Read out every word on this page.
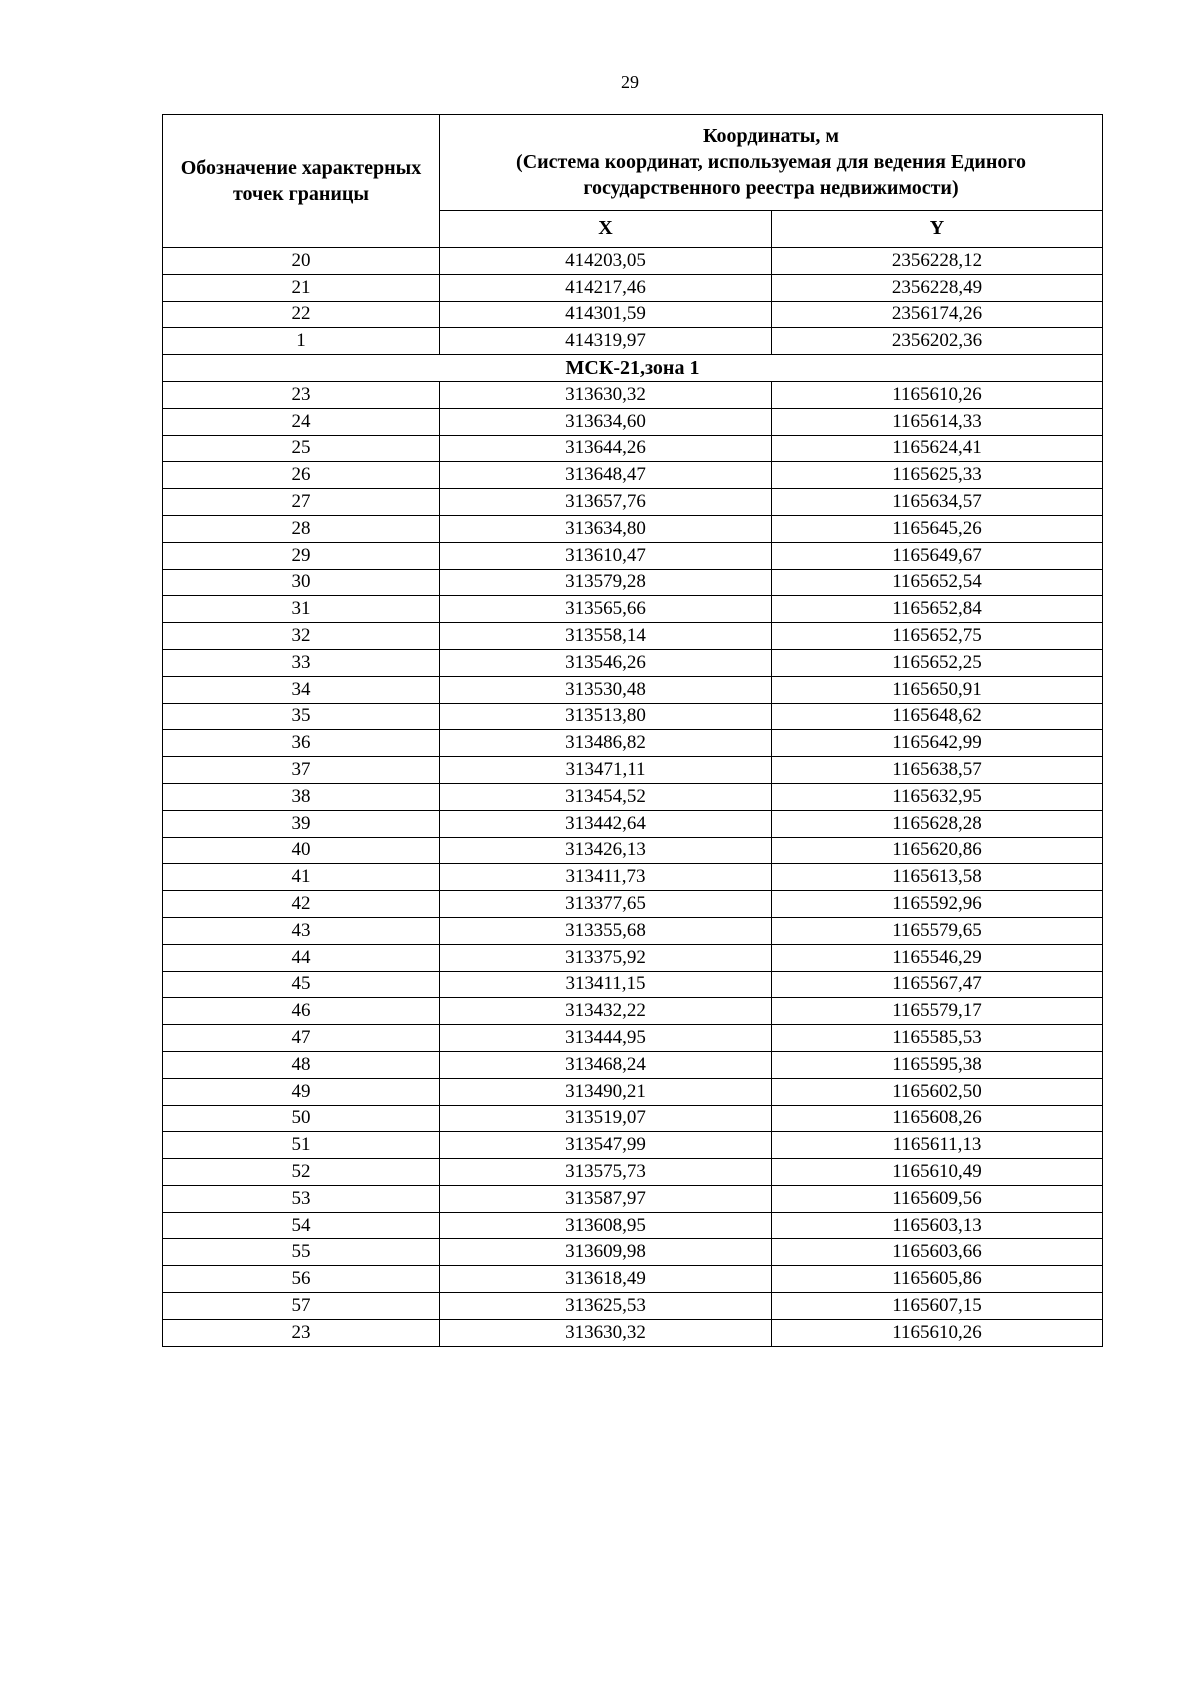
29
Обозначение характерных точек границы	Координаты, м
(Система координат, используемая для ведения Единого государственного реестра недвижимости)	

	X	Y
20	414203,05	2356228,12
21	414217,46	2356228,49
22	414301,59	2356174,26
1	414319,97	2356202,36
МСК-21,зона 1		
23	313630,32	1165610,26
24	313634,60	1165614,33
25	313644,26	1165624,41
26	313648,47	1165625,33
27	313657,76	1165634,57
28	313634,80	1165645,26
29	313610,47	1165649,67
30	313579,28	1165652,54
31	313565,66	1165652,84
32	313558,14	1165652,75
33	313546,26	1165652,25
34	313530,48	1165650,91
35	313513,80	1165648,62
36	313486,82	1165642,99
37	313471,11	1165638,57
38	313454,52	1165632,95
39	313442,64	1165628,28
40	313426,13	1165620,86
41	313411,73	1165613,58
42	313377,65	1165592,96
43	313355,68	1165579,65
44	313375,92	1165546,29
45	313411,15	1165567,47
46	313432,22	1165579,17
47	313444,95	1165585,53
48	313468,24	1165595,38
49	313490,21	1165602,50
50	313519,07	1165608,26
51	313547,99	1165611,13
52	313575,73	1165610,49
53	313587,97	1165609,56
54	313608,95	1165603,13
55	313609,98	1165603,66
56	313618,49	1165605,86
57	313625,53	1165607,15
23	313630,32	1165610,26
